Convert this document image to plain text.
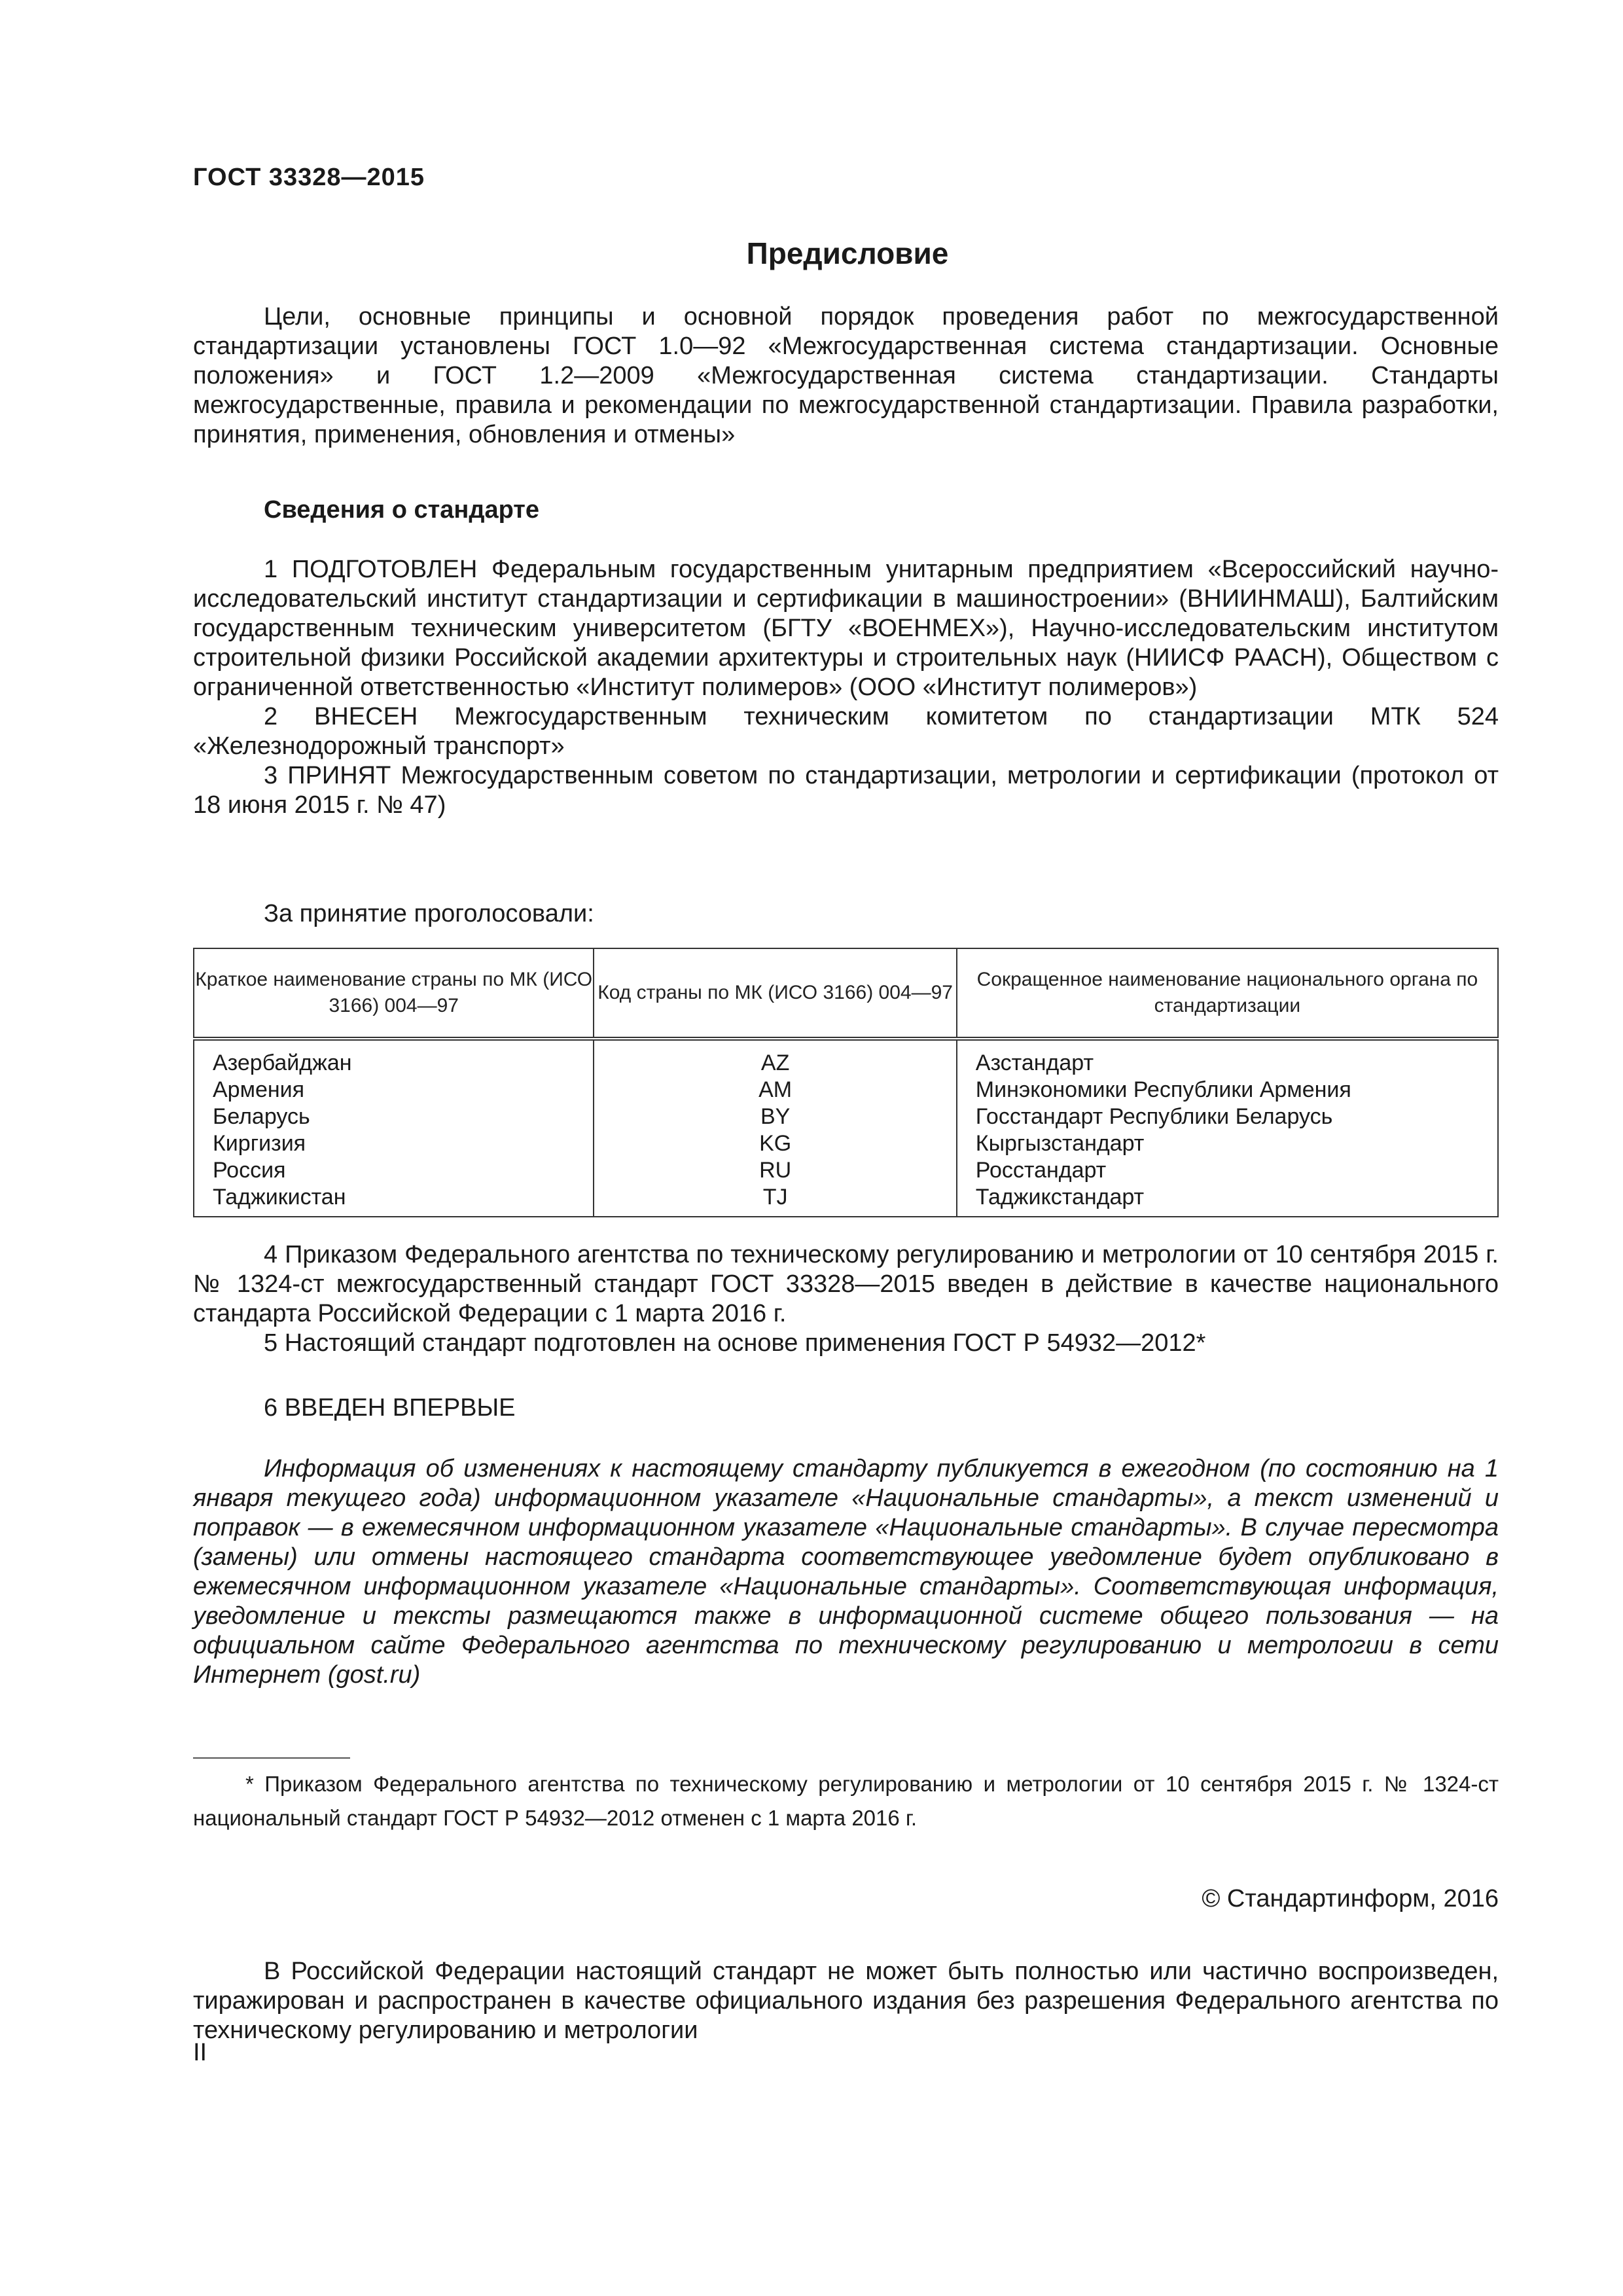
ГОСТ 33328—2015
Предисловие

Цели, основные принципы и основной порядок проведения работ по межгосударственной стандартизации установлены ГОСТ 1.0—92 «Межгосударственная система стандартизации. Основные положения» и ГОСТ 1.2—2009 «Межгосударственная система стандартизации. Стандарты межгосударственные, правила и рекомендации по межгосударственной стандартизации. Правила разработки, принятия, применения, обновления и отмены»

Сведения о стандарте

1 ПОДГОТОВЛЕН Федеральным государственным унитарным предприятием «Всероссийский научно-исследовательский институт стандартизации и сертификации в машиностроении» (ВНИИНМАШ), Балтийским государственным техническим университетом (БГТУ «ВОЕНМЕХ»), Научно-исследовательским институтом строительной физики Российской академии архитектуры и строительных наук (НИИСФ РААСН), Обществом с ограниченной ответственностью «Институт полимеров» (ООО «Институт полимеров»)

2 ВНЕСЕН Межгосударственным техническим комитетом по стандартизации МТК 524 «Железнодорожный транспорт»

3 ПРИНЯТ Межгосударственным советом по стандартизации, метрологии и сертификации (протокол от 18 июня 2015 г. № 47)

За принятие проголосовали:

Краткое наименование страны по МК (ИСО 3166) 004—97	Код страны по МК (ИСО 3166) 004—97	Сокращенное наименование национального органа по стандартизации
Азербайджан	AZ	Азстандарт
Армения	AM	Минэкономики Республики Армения
Беларусь	BY	Госстандарт Республики Беларусь
Киргизия	KG	Кыргызстандарт
Россия	RU	Росстандарт
Таджикистан	TJ	Таджикстандарт

4 Приказом Федерального агентства по техническому регулированию и метрологии от 10 сентября 2015 г. № 1324-ст межгосударственный стандарт ГОСТ 33328—2015 введен в действие в качестве национального стандарта Российской Федерации с 1 марта 2016 г.

5 Настоящий стандарт подготовлен на основе применения ГОСТ Р 54932—2012*

6 ВВЕДЕН ВПЕРВЫЕ

Информация об изменениях к настоящему стандарту публикуется в ежегодном (по состоянию на 1 января текущего года) информационном указателе «Национальные стандарты», а текст изменений и поправок — в ежемесячном информационном указателе «Национальные стандарты». В случае пересмотра (замены) или отмены настоящего стандарта соответствующее уведомление будет опубликовано в ежемесячном информационном указателе «Национальные стандарты». Соответствующая информация, уведомление и тексты размещаются также в информационной системе общего пользования — на официальном сайте Федерального агентства по техническому регулированию и метрологии в сети Интернет (gost.ru)

* Приказом Федерального агентства по техническому регулированию и метрологии от 10 сентября 2015 г. № 1324-ст национальный стандарт ГОСТ Р 54932—2012 отменен с 1 марта 2016 г.

© Стандартинформ, 2016

В Российской Федерации настоящий стандарт не может быть полностью или частично воспроизведен, тиражирован и распространен в качестве официального издания без разрешения Федерального агентства по техническому регулированию и метрологии

II
